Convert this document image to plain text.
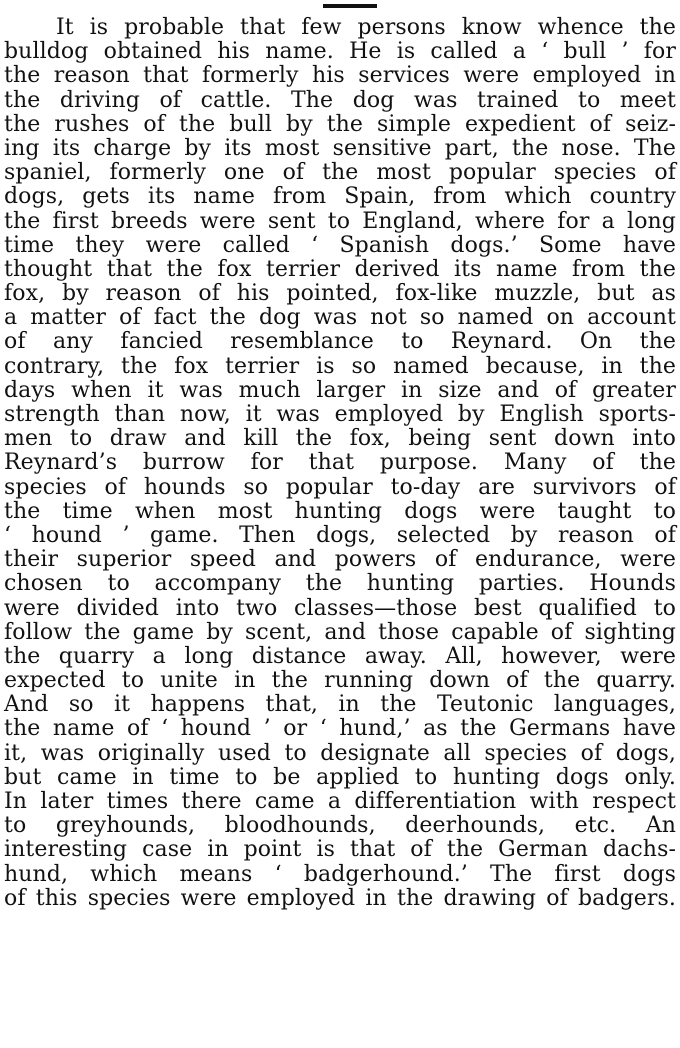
It is probable that few persons know whence the
bulldog obtained his name. He is called a ‘ bull ’ for
the reason that formerly his services were employed in
the driving of cattle. The dog was trained to meet
the rushes of the bull by the simple expedient of seiz-
ing its charge by its most sensitive part, the nose. The
spaniel, formerly one of the most popular species of
dogs, gets its name from Spain, from which country
the first breeds were sent to England, where for a long
time they were called ‘ Spanish dogs.’ Some have
thought that the fox terrier derived its name from the
fox, by reason of his pointed, fox-like muzzle, but as
a matter of fact the dog was not so named on account
of any fancied resemblance to Reynard. On the
contrary, the fox terrier is so named because, in the
days when it was much larger in size and of greater
strength than now, it was employed by English sports-
men to draw and kill the fox, being sent down into
Reynard’s burrow for that purpose. Many of the
species of hounds so popular to-day are survivors of
the time when most hunting dogs were taught to
‘ hound ’ game. Then dogs, selected by reason of
their superior speed and powers of endurance, were
chosen to accompany the hunting parties. Hounds
were divided into two classes—those best qualified to
follow the game by scent, and those capable of sighting
the quarry a long distance away. All, however, were
expected to unite in the running down of the quarry.
And so it happens that, in the Teutonic languages,
the name of ‘ hound ’ or ‘ hund,’ as the Germans have
it, was originally used to designate all species of dogs,
but came in time to be applied to hunting dogs only.
In later times there came a differentiation with respect
to greyhounds, bloodhounds, deerhounds, etc. An
interesting case in point is that of the German dachs-
hund, which means ‘ badgerhound.’ The first dogs
of this species were employed in the drawing of badgers.
